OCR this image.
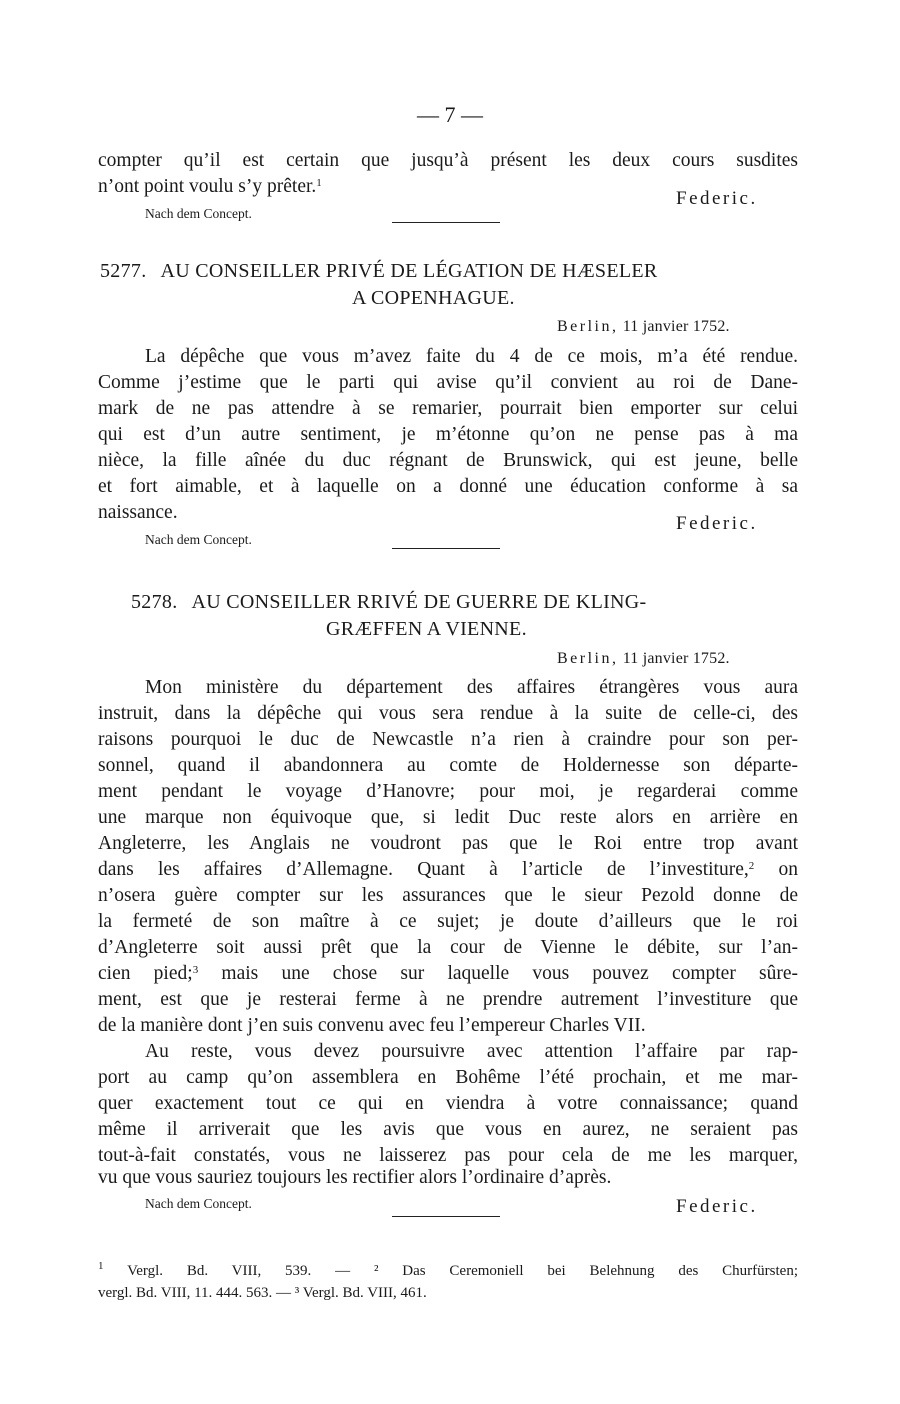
— 7 —
compter qu’il est certain que jusqu’à présent les deux cours susdites
n’ont point voulu s’y prêter.$^1$
Federic.
Nach dem Concept.
5277. AU CONSEILLER PRIVÉ DE LÉGATION DE HÆSELER
A COPENHAGUE.
Berlin, 11 janvier 1752.
La dépêche que vous m’avez faite du 4 de ce mois, m’a été rendue.
Comme j’estime que le parti qui avise qu’il convient au roi de Dane-
mark de ne pas attendre à se remarier, pourrait bien emporter sur celui
qui est d’un autre sentiment, je m’étonne qu’on ne pense pas à ma
nièce, la fille aînée du duc régnant de Brunswick, qui est jeune, belle
et fort aimable, et à laquelle on a donné une éducation conforme à sa
naissance.
Federic.
Nach dem Concept.
5278. AU CONSEILLER RRIVÉ DE GUERRE DE KLING-
GRÆFFEN A VIENNE.
Berlin, 11 janvier 1752.
Mon ministère du département des affaires étrangères vous aura
instruit, dans la dépêche qui vous sera rendue à la suite de celle-ci, des
raisons pourquoi le duc de Newcastle n’a rien à craindre pour son per-
sonnel, quand il abandonnera au comte de Holdernesse son départe-
ment pendant le voyage d’Hanovre; pour moi, je regarderai comme
une marque non équivoque que, si ledit Duc reste alors en arrière en
Angleterre, les Anglais ne voudront pas que le Roi entre trop avant
dans les affaires d’Allemagne. Quant à l’article de l’investiture,$^2$ on
n’osera guère compter sur les assurances que le sieur Pezold donne de
la fermeté de son maître à ce sujet; je doute d’ailleurs que le roi
d’Angleterre soit aussi prêt que la cour de Vienne le débite, sur l’an-
cien pied;$^3$ mais une chose sur laquelle vous pouvez compter sûre-
ment, est que je resterai ferme à ne prendre autrement l’investiture que
de la manière dont j’en suis convenu avec feu l’empereur Charles VII.
Au reste, vous devez poursuivre avec attention l’affaire par rap-
port au camp qu’on assemblera en Bohême l’été prochain, et me mar-
quer exactement tout ce qui en viendra à votre connaissance; quand
même il arriverait que les avis que vous en aurez, ne seraient pas
tout-à-fait constatés, vous ne laisserez pas pour cela de me les marquer,
vu que vous sauriez toujours les rectifier alors l’ordinaire d’après.
Nach dem Concept.	Federic.
$^1$ Vergl. Bd. VIII, 539. — ² Das Ceremoniell bei Belehnung des Churfürsten;
vergl. Bd. VIII, 11. 444. 563. — ³ Vergl. Bd. VIII, 461.
